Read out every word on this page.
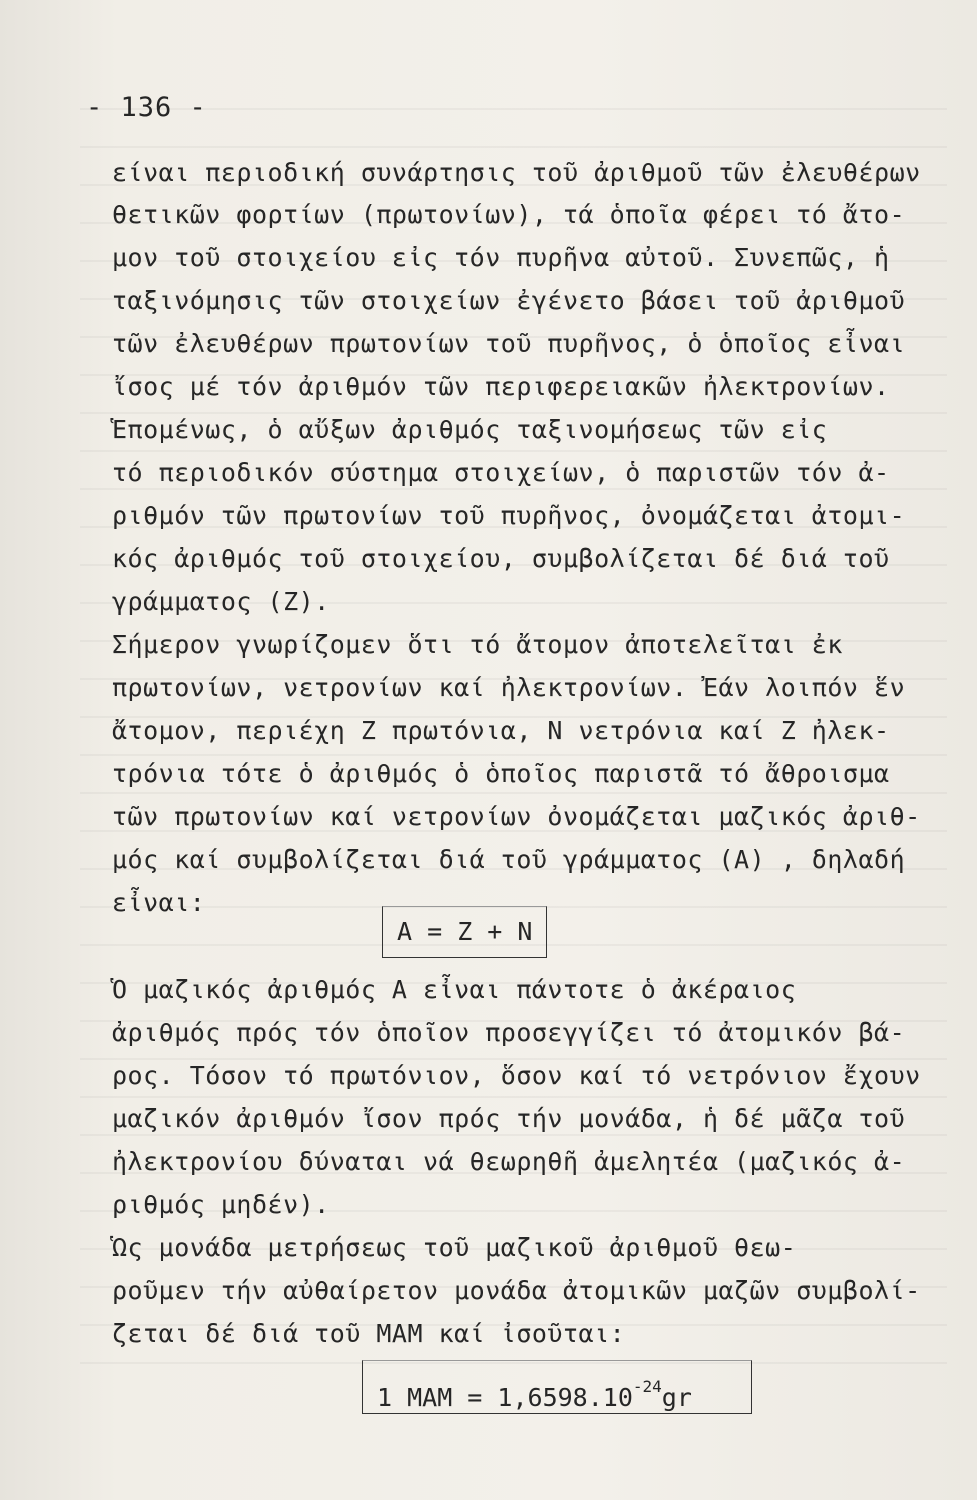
- 136 -
είναι περιοδική συνάρτησις τοῦ ἀριθμοῦ τῶν ἐλευθέρων
θετικῶν φορτίων (πρωτονίων), τά ὁποῖα φέρει τό ἄτο-
μον τοῦ στοιχείου εἰς τόν πυρῆνα αὐτοῦ. Συνεπῶς, ἡ
ταξινόμησις τῶν στοιχείων ἐγένετο βάσει τοῦ ἀριθμοῦ
τῶν ἐλευθέρων πρωτονίων τοῦ πυρῆνος, ὁ ὁποῖος εἶναι
ἴσος μέ τόν ἀριθμόν τῶν περιφερειακῶν ἠλεκτρονίων.
Ἑπομένως, ὁ αὔξων ἀριθμός ταξινομήσεως τῶν εἰς
τό περιοδικόν σύστημα στοιχείων, ὁ παριστῶν τόν ἀ-
ριθμόν τῶν πρωτονίων τοῦ πυρῆνος, ὀνομάζεται ἀτομι-
κός ἀριθμός τοῦ στοιχείου, συμβολίζεται δέ διά τοῦ
γράμματος (Ζ).
Σήμερον γνωρίζομεν ὅτι τό ἄτομον ἀποτελεῖται ἐκ
πρωτονίων, νετρονίων καί ἠλεκτρονίων. Ἐάν λοιπόν ἕν
ἄτομον, περιέχη Ζ πρωτόνια, Ν νετρόνια καί Ζ ἠλεκ-
τρόνια τότε ὁ ἀριθμός ὁ ὁποῖος παριστᾶ τό ἄθροισμα
τῶν πρωτονίων καί νετρονίων ὀνομάζεται μαζικός ἀριθ-
μός καί συμβολίζεται διά τοῦ γράμματος (Α) , δηλαδή
εἶναι:
A = Z + N
Ὁ μαζικός ἀριθμός Α εἶναι πάντοτε ὁ ἀκέραιος
ἀριθμός πρός τόν ὁποῖον προσεγγίζει τό ἀτομικόν βά-
ρος. Τόσον τό πρωτόνιον, ὅσον καί τό νετρόνιον ἔχουν
μαζικόν ἀριθμόν ἴσον πρός τήν μονάδα, ἡ δέ μᾶζα τοῦ
ἠλεκτρονίου δύναται νά θεωρηθῆ ἀμελητέα (μαζικός ἀ-
ριθμός μηδέν).
Ὡς μονάδα μετρήσεως τοῦ μαζικοῦ ἀριθμοῦ θεω-
ροῦμεν τήν αὐθαίρετον μονάδα ἀτομικῶν μαζῶν συμβολί-
ζεται δέ διά τοῦ ΜΑΜ καί ἰσοῦται:
1 $MAM = 1,6598.10^{-24}gr$
